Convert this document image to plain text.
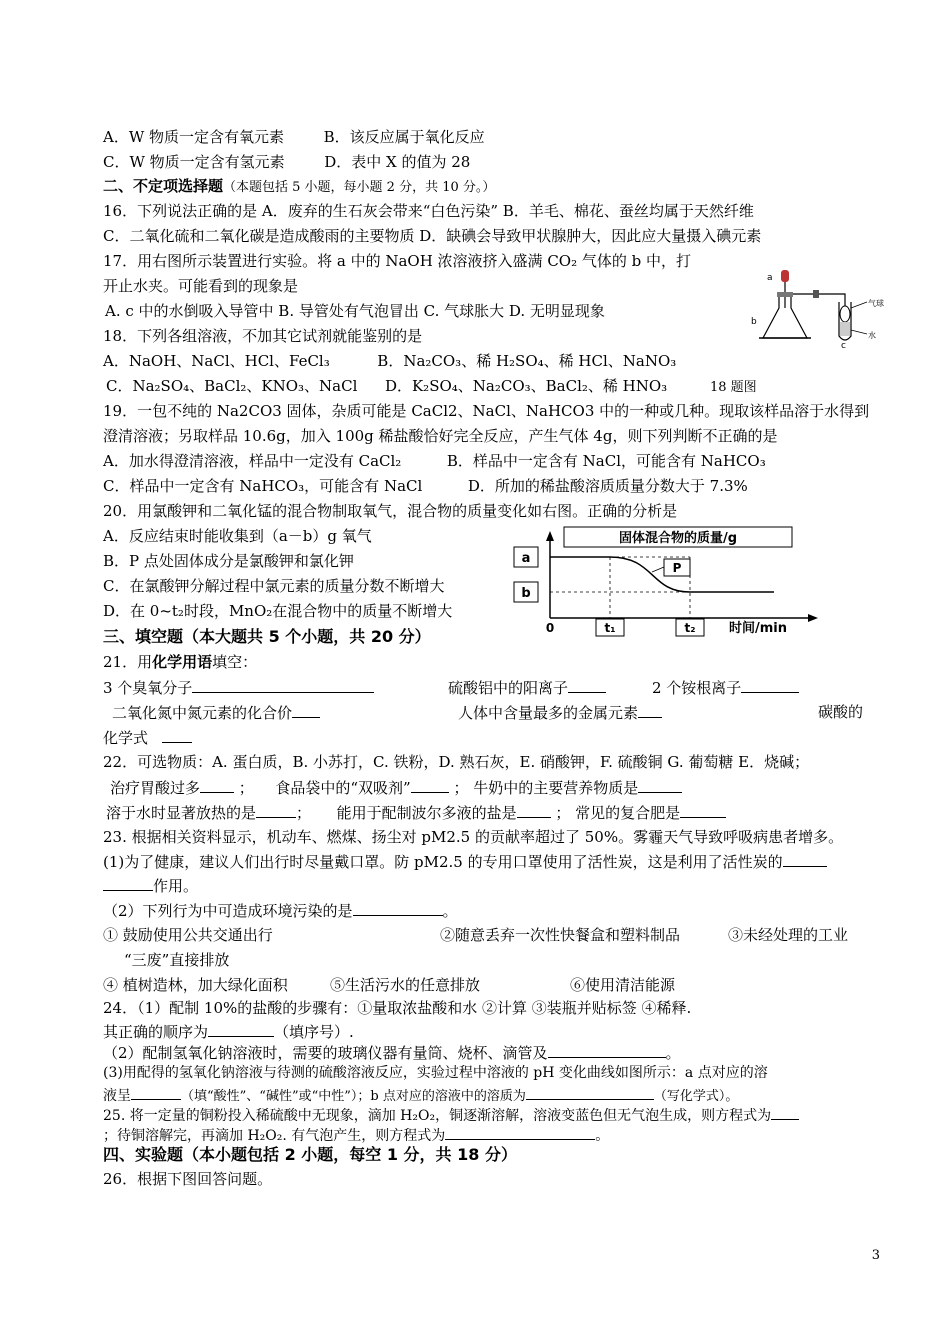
A．W 物质一定含有氧元素	B．该反应属于氧化反应
C．W 物质一定含有氢元素	D．表中 X 的值为 28
二、不定项选择题（本题包括 5 小题，每小题 2 分，共 10 分。）
16．下列说法正确的是 A．废弃的生石灰会带来“白色污染” B．羊毛、棉花、蚕丝均属于天然纤维
C．二氧化硫和二氧化碳是造成酸雨的主要物质 D．缺碘会导致甲状腺肿大，因此应大量摄入碘元素
17．用右图所示装置进行实验。将 a 中的 NaOH 浓溶液挤入盛满 CO₂ 气体的 b 中，打
开止水夹。可能看到的现象是
A. c 中的水倒吸入导管中 B. 导管处有气泡冒出 C. 气球胀大 D. 无明显现象
a
b
气球
水
c
18．下列各组溶液，不加其它试剂就能鉴别的是
A．NaOH、NaCl、HCl、FeCl₃	B．Na₂CO₃、稀 H₂SO₄、稀 HCl、NaNO₃
C．Na₂SO₄、BaCl₂、KNO₃、NaCl D．K₂SO₄、Na₂CO₃、BaCl₂、稀 HNO₃	18 题图
19．一包不纯的 Na2CO3 固体，杂质可能是 CaCl2、NaCl、NaHCO3 中的一种或几种。现取该样品溶于水得到
澄清溶液；另取样品 10.6g，加入 100g 稀盐酸恰好完全反应，产生气体 4g，则下列判断不正确的是
A．加水得澄清溶液，样品中一定没有 CaCl₂	B．样品中一定含有 NaCl，可能含有 NaHCO₃
C．样品中一定含有 NaHCO₃，可能含有 NaCl	D．所加的稀盐酸溶质质量分数大于 7.3%
20．用氯酸钾和二氧化锰的混合物制取氧气，混合物的质量变化如右图。正确的分析是
A．反应结束时能收集到（a－b）g 氧气
B．P 点处固体成分是氯酸钾和氯化钾
C．在氯酸钾分解过程中氯元素的质量分数不断增大
D．在 0~t₂时段，MnO₂在混合物中的质量不断增大
固体混合物的质量/g
a
b
0	t₁	t₂	时间/min
P
三、填空题（本大题共 5 个小题，共 20 分）
21．用化学用语填空：
3 个臭氧分子	硫酸铝中的阳离子	2 个铵根离子
二氧化氮中氮元素的化合价	人体中含量最多的金属元素	碳酸的
化学式
22．可选物质：A. 蛋白质，B. 小苏打，C. 铁粉，D. 熟石灰，E. 硝酸钾，F. 硫酸铜 G. 葡萄糖 E．烧碱；
治疗胃酸过多 ；  食品袋中的“双吸剂”	； 牛奶中的主要营养物质是
溶于水时显著放热的是	；  能用于配制波尔多液的盐是 ； 常见的复合肥是
23. 根据相关资料显示，机动车、燃煤、扬尘对 pM2.5 的贡献率超过了 50%。雾霾天气导致呼吸病患者增多。
(1)为了健康，建议人们出行时尽量戴口罩。防 pM2.5 的专用口罩使用了活性炭，这是利用了活性炭的
作用。
（2）下列行为中可造成环境污染的是	。
① 鼓励使用公共交通出行	②随意丢弃一次性快餐盒和塑料制品	③未经处理的工业
“三废”直接排放
④ 植树造林，加大绿化面积	⑤生活污水的任意排放	⑥使用清洁能源
24．（1）配制 10%的盐酸的步骤有：①量取浓盐酸和水 ②计算 ③装瓶并贴标签 ④稀释.
其正确的顺序为	（填序号）.
（2）配制氢氧化钠溶液时，需要的玻璃仪器有量筒、烧杯、滴管及	。
(3)用配得的氢氧化钠溶液与待测的硫酸溶液反应，实验过程中溶液的 pH 变化曲线如图所示：a 点对应的溶
液呈	（填“酸性”、“碱性”或“中性”）；b 点对应的溶液中的溶质为	（写化学式）。
25. 将一定量的铜粉投入稀硫酸中无现象，滴加 H₂O₂，铜逐渐溶解，溶液变蓝色但无气泡生成，则方程式为
；待铜溶解完，再滴加 H₂O₂. 有气泡产生，则方程式为	。
四、实验题（本小题包括 2 小题，每空 1 分，共 18 分）
26．根据下图回答问题。
3
